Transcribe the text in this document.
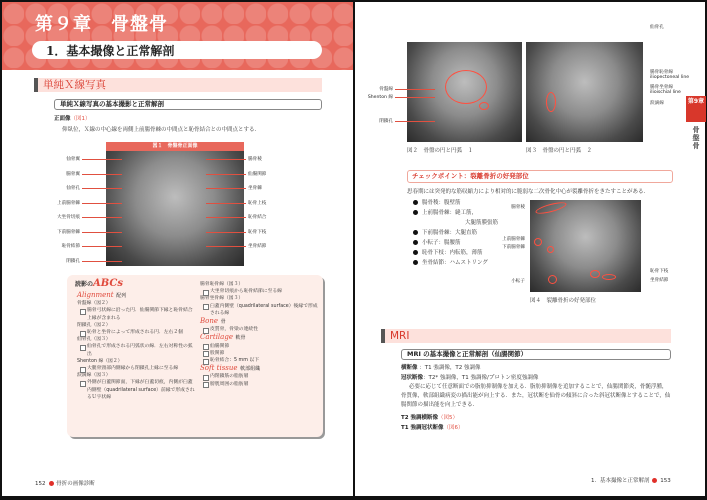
第９章　骨盤骨
1．基本撮像と正常解剖
単純Ｘ線写真
単純Ｘ線写真の基本撮影と正常解剖
正面像（図1）
仰臥位，Ｘ線の中心線を両側上前腸骨棘の中間点と恥骨結合との中間点とする．
図１　骨盤骨正面像
仙骨翼
腸骨翼
仙骨孔
上前腸骨棘
大坐骨切痕
下前腸骨棘
恥骨結節
閉鎖孔
腸骨稜
仙腸関節
坐骨棘
恥骨上枝
恥骨結合
恥骨下枝
坐骨結節
読影のABCs
Alignment 配列
骨盤線（図２）
腸骨弓状線に沿った円．仙腸関節下縁と恥骨結合上縁が含まれる
閉鎖孔（図２）
恥骨と坐骨によって形成される円．左右２個
仙骨孔（図３）
仙骨孔で形成される円弧状の線．左右対称性の弧出
Shenton 線（図２）
大腿骨頸部内側縁から閉鎖孔上縁に至る線
涙滴線（図３）
外側が臼蓋関節面，下縁が臼蓋切痕，内側が臼蓋内側壁（quadrilateral surface）前縁で形成されるＵ字状線
腸骨恥骨線（図３）
大坐骨切痕から恥骨結節に至る線
腸骨坐骨線（図３）
臼蓋内側壁（quadrilateral surface）後縁で形成される線
Bone 骨
皮質骨，骨梁の連続性
Cartilage 軟骨
仙腸関節
股関節
恥骨結合：5 mm 以下
Soft tissue 軟部組織
内閉鎖筋の脂肪層
膀胱周囲の脂肪層
152 骨折の画像診断
図２　骨盤の円と円弧　１	図３　骨盤の円と円弧　２
骨盤線
Shenton 線
閉鎖孔
仙骨孔
腸骨恥骨線
iliopectoneal line
腸骨坐骨線
ilioischial line
涙滴線	第9章
骨盤骨
チェックポイント：裂離骨折の好発部位
思春期には突発的な筋収縮力により相対的に脆弱な二次骨化中心が裂離骨折をきたすことがある．
腸骨稜：腹壁筋
上前腸骨棘：縫工筋，
大腿筋膜張筋
下前腸骨棘：大腿直筋
小転子：腸腰筋
恥骨下枝：内転筋，薄筋
坐骨結節：ハムストリング
図４　裂離骨折の好発部位
腸骨稜
上前腸骨棘
下前腸骨棘
小転子
恥骨下枝
坐骨結節
MRI
MRI の基本撮像と正常解剖（仙腸関節）
横断像 ：T1 強調像，T2 強調像
冠状断像：T2* 強調像，T1 強調像/プロトン密度強調像
必要に応じて任意断面での脂肪抑制像を加える．脂肪抑制像を追加することで，仙腸関節炎，骨髄浮腫，骨質像，軟部組織病変の描出能が向上する．また，冠状断を仙骨の傾斜に合った斜冠状断像とすることで，仙腸関節の描出能を向上できる．
T2 強調横断像（図5）
T1 強調冠状断像（図6）
1．基本撮像と正常解剖 153
